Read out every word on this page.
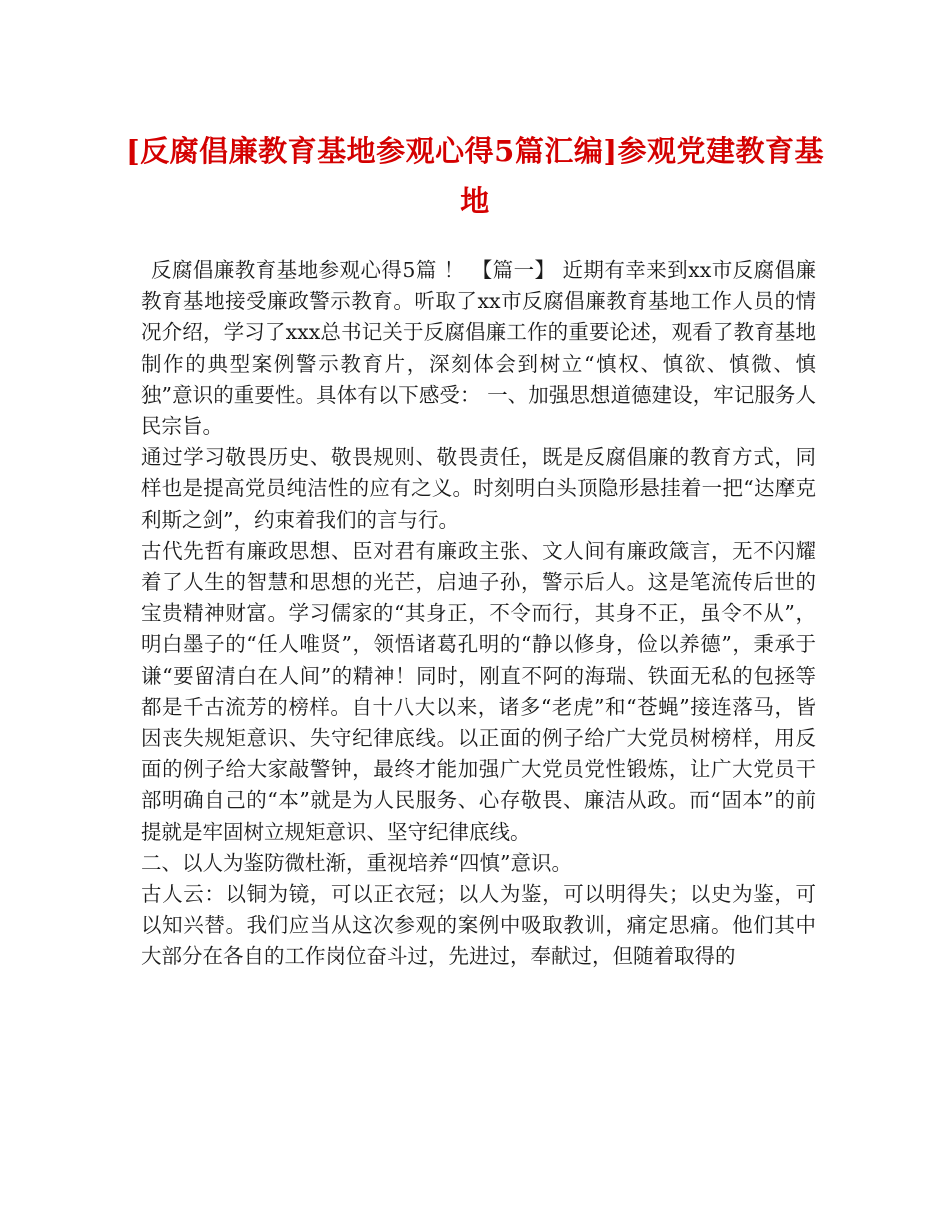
[反腐倡廉教育基地参观心得5篇汇编]参观党建教育基地

反腐倡廉教育基地参观心得5篇 ！ 【篇一】 近期有幸来到xx市反腐倡廉教育基地接受廉政警示教育。听取了xx市反腐倡廉教育基地工作人员的情况介绍，学习了xxx总书记关于反腐倡廉工作的重要论述，观看了教育基地制作的典型案例警示教育片，深刻体会到树立“慎权、慎欲、慎微、慎独”意识的重要性。具体有以下感受： 一、加强思想道德建设，牢记服务人民宗旨。

通过学习敬畏历史、敬畏规则、敬畏责任，既是反腐倡廉的教育方式，同样也是提高党员纯洁性的应有之义。时刻明白头顶隐形悬挂着一把“达摩克利斯之剑”，约束着我们的言与行。

古代先哲有廉政思想、臣对君有廉政主张、文人间有廉政箴言，无不闪耀着了人生的智慧和思想的光芒，启迪子孙，警示后人。这是笔流传后世的宝贵精神财富。学习儒家的“其身正，不令而行，其身不正，虽令不从”，明白墨子的“任人唯贤”，领悟诸葛孔明的“静以修身，俭以养德”，秉承于谦“要留清白在人间”的精神！同时，刚直不阿的海瑞、铁面无私的包拯等都是千古流芳的榜样。自十八大以来，诸多“老虎”和“苍蝇”接连落马，皆因丧失规矩意识、失守纪律底线。以正面的例子给广大党员树榜样，用反面的例子给大家敲警钟，最终才能加强广大党员党性锻炼，让广大党员干部明确自己的“本”就是为人民服务、心存敬畏、廉洁从政。而“固本”的前提就是牢固树立规矩意识、坚守纪律底线。

二、以人为鉴防微杜渐，重视培养“四慎”意识。

古人云：以铜为镜，可以正衣冠；以人为鉴，可以明得失；以史为鉴，可以知兴替。我们应当从这次参观的案例中吸取教训，痛定思痛。他们其中大部分在各自的工作岗位奋斗过，先进过，奉献过，但随着取得的
